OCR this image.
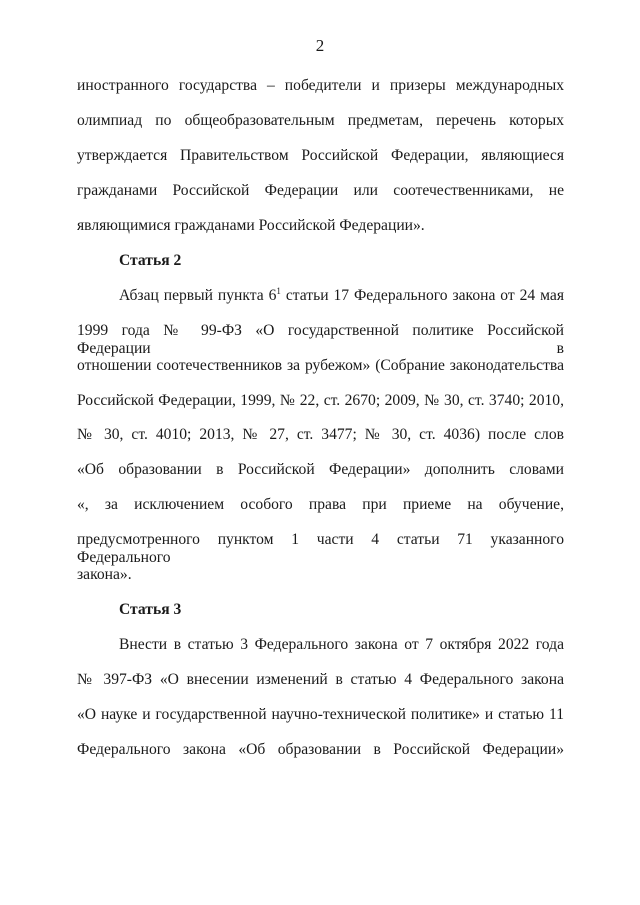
2
иностранного государства – победители и призеры международных
олимпиад по общеобразовательным предметам, перечень которых
утверждается Правительством Российской Федерации, являющиеся
гражданами Российской Федерации или соотечественниками, не
являющимися гражданами Российской Федерации».
Статья 2
Абзац первый пункта $6^1$ статьи 17 Федерального закона от 24 мая
1999 года № 99-ФЗ «О государственной политике Российской Федерации в
отношении соотечественников за рубежом» (Собрание законодательства
Российской Федерации, 1999, № 22, ст. 2670; 2009, № 30, ст. 3740; 2010,
№ 30, ст. 4010; 2013, № 27, ст. 3477; № 30, ст. 4036) после слов
«Об образовании в Российской Федерации» дополнить словами
«, за исключением особого права при приеме на обучение,
предусмотренного пунктом 1 части 4 статьи 71 указанного Федерального
закона».
Статья 3
Внести в статью 3 Федерального закона от 7 октября 2022 года
№ 397-ФЗ «О внесении изменений в статью 4 Федерального закона
«О науке и государственной научно-технической политике» и статью 11
Федерального закона «Об образовании в Российской Федерации»
